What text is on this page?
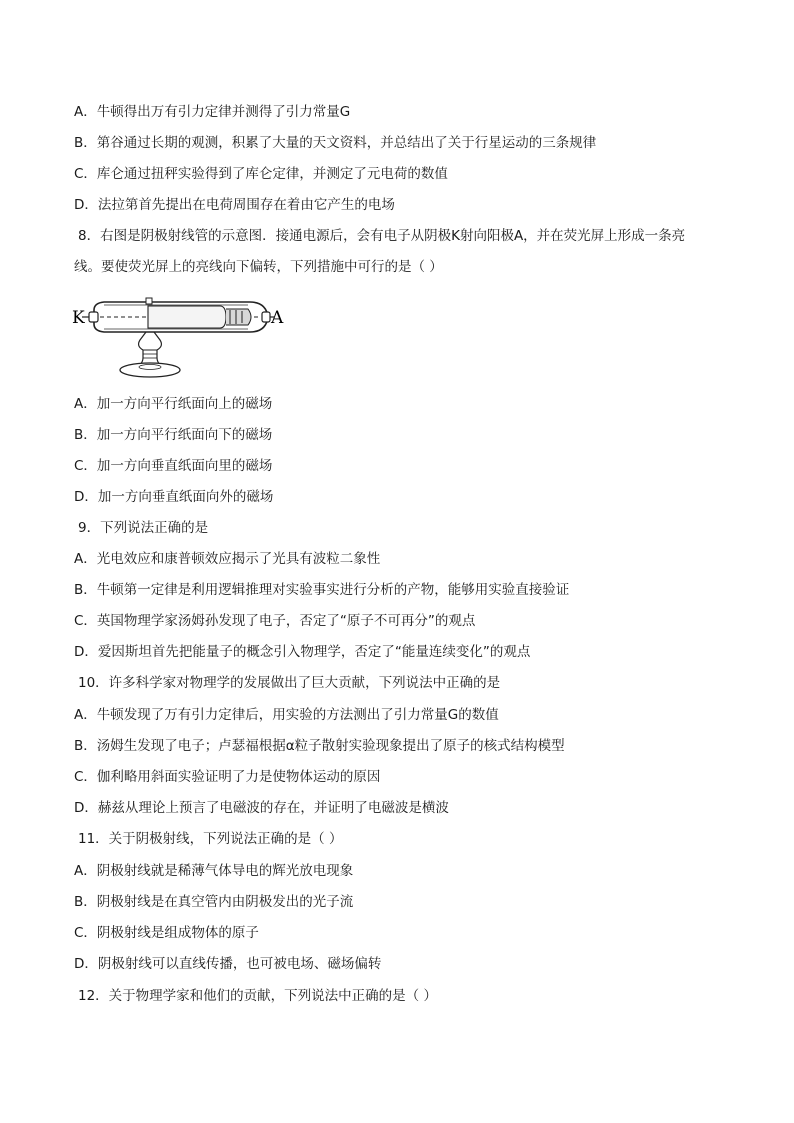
A．牛顿得出万有引力定律并测得了引力常量G
B．第谷通过长期的观测，积累了大量的天文资料，并总结出了关于行星运动的三条规律
C．库仑通过扭秤实验得到了库仑定律，并测定了元电荷的数值
D．法拉第首先提出在电荷周围存在着由它产生的电场
8．右图是阴极射线管的示意图．接通电源后，会有电子从阴极K射向阳极A，并在荧光屏上形成一条亮
线。要使荧光屏上的亮线向下偏转，下列措施中可行的是（ ）
K	A
A．加一方向平行纸面向上的磁场
B．加一方向平行纸面向下的磁场
C．加一方向垂直纸面向里的磁场
D．加一方向垂直纸面向外的磁场
9．下列说法正确的是
A．光电效应和康普顿效应揭示了光具有波粒二象性
B．牛顿第一定律是利用逻辑推理对实验事实进行分析的产物，能够用实验直接验证
C．英国物理学家汤姆孙发现了电子，否定了“原子不可再分”的观点
D．爱因斯坦首先把能量子的概念引入物理学，否定了“能量连续变化”的观点
10．许多科学家对物理学的发展做出了巨大贡献，下列说法中正确的是
A．牛顿发现了万有引力定律后，用实验的方法测出了引力常量G的数值
B．汤姆生发现了电子；卢瑟福根据α粒子散射实验现象提出了原子的核式结构模型
C．伽利略用斜面实验证明了力是使物体运动的原因
D．赫兹从理论上预言了电磁波的存在，并证明了电磁波是横波
11．关于阴极射线，下列说法正确的是（ ）
A．阴极射线就是稀薄气体导电的辉光放电现象
B．阴极射线是在真空管内由阴极发出的光子流
C．阴极射线是组成物体的原子
D．阴极射线可以直线传播，也可被电场、磁场偏转
12．关于物理学家和他们的贡献，下列说法中正确的是（ ）
